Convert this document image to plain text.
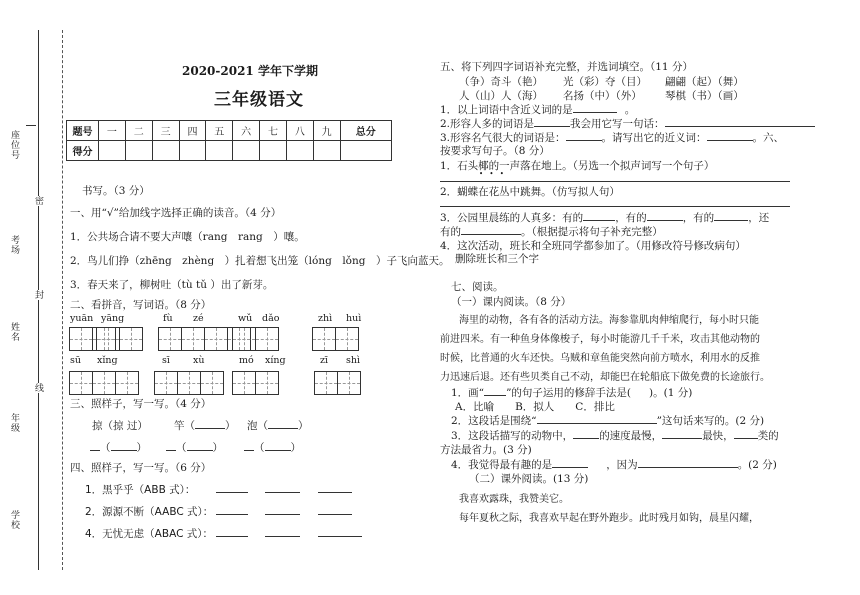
座位号
考场
姓名
年级
学校
密
封
线
2020-2021 学年下学期
三年级语文
题号	一	二	三	四	五	六	七	八	九	总分
得分										
书写。（3 分）
一、用“√”给加线字选择正确的读音。（4 分）
1．公共场合请不要大声嚷（rang　rang　）嚷。
2．鸟儿们挣（zhēng　zhèng　）扎着想飞出笼（lóng　lǒng　）子飞向蓝天。
3．春天来了，柳树吐（tù tǔ ）出了新芽。
二、看拼音，写词语。（8 分）
yuān yāng	fù zé	wǔ dǎo	zhì huì
sū xǐng	sī xù	mó xíng	zī shì
三、照样子，写一写。（4 分）
掠（掠 过） 竿（	） 泡（	）
（ ）	（ ）	（ ）
四、照样子，写一写。（6 分）
1．黑乎乎（ABB 式）：
2．源源不断（AABC 式）：
4．无忧无虑（ABAC 式）：
五、将下列四字词语补充完整，并选词填空。（11 分）
（争）奇斗（艳） 光（彩）夺（目） 翩翩（起）（舞）
人（山）人（海） 名扬（中）（外） 琴棋（书）（画）
1．以上词语中含近义词的是	。
2.形容人多的词语是	我会用它写一句话：
3.形容名气很大的词语是：	。请写出它的近义词：	。六、
按要求写句子。（8 分）
1．石头椰的一声落在地上。（另选一个拟声词写一个句子）
• • •
2．蝴蝶在花丛中跳舞。（仿写拟人句）
3．公园里晨练的人真多：有的	，有的	，有的	，还
有的	。（根据提示将句子补充完整）
4．这次活动，班长和全班同学都参加了。（用修改符号修改病句）
删除班长和三个字
七、阅读。
（一）课内阅读。（8 分）
海里的动物，各有各的活动方法。海参靠肌肉伸缩爬行，每小时只能
前进四米。有一种鱼身体像梭子，每小时能游几千千米，攻击其他动物的
时候，比普通的火车还快。乌贼和章鱼能突然向前方喷水，利用水的反推
力迅速后退。还有些贝类自己不动，却能巴在轮船底下做免费的长途旅行。
1．画“ ”的句子运用的修辞手法是( )。(1 分)
A．比喻　　B．拟人　　C．排比
2．这段话是围绕“	”这句话来写的。(2 分)
3．这段话描写的动物中， 的速度最慢，	最快， 类的
方法最省力。(3 分)
4．我觉得最有趣的是	，因为	。(2 分)
（二）课外阅读。(13 分)
我喜欢露珠，我赞美它。
每年夏秋之际，我喜欢早起在野外跑步。此时残月如钩，晨星闪耀，
